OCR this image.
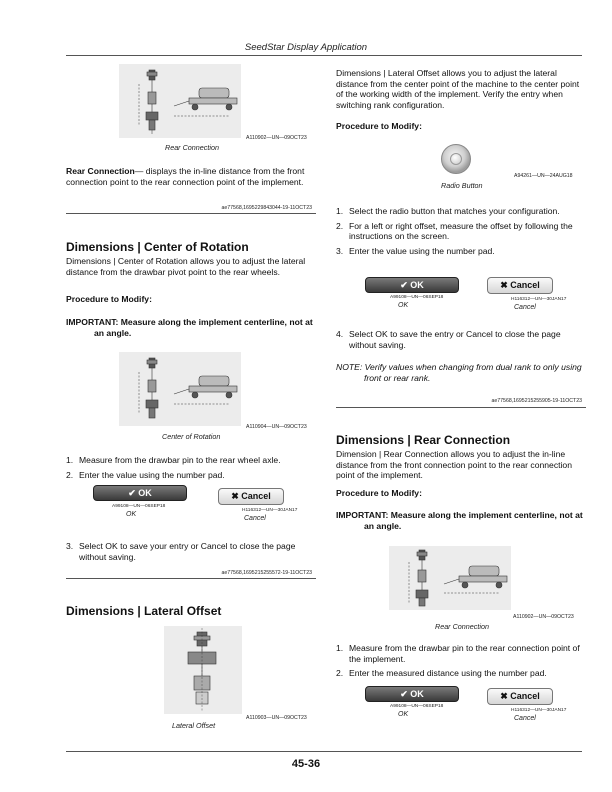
SeedStar Display Application
A110902—UN—09OCT23
Rear Connection
Rear Connection— displays the in-line distance from the front connection point to the rear connection point of the implement.
ae77568,1695229843044-19-11OCT23
Dimensions | Center of Rotation
Dimensions | Center of Rotation allows you to adjust the lateral distance from the drawbar pivot point to the rear wheels.
Procedure to Modify:
IMPORTANT: Measure along the implement centerline, not at an angle.
A110904—UN—09OCT23
Center of Rotation
1. Measure from the drawbar pin to the rear wheel axle.
2. Enter the value using the number pad.
✔ OK
A99108—UN—06SEP18
OK
✖ Cancel
H116312—UN—30JAN17
Cancel
3. Select OK to save your entry or Cancel to close the page without saving.
ae77568,1695215255572-19-11OCT23
Dimensions | Lateral Offset
A110903—UN—09OCT23
Lateral Offset
Dimensions | Lateral Offset allows you to adjust the lateral distance from the center point of the machine to the center point of the working width of the implement. Verify the entry when switching rank configuration.
Procedure to Modify:
A94261—UN—24AUG18
Radio Button
1. Select the radio button that matches your configuration.
2. For a left or right offset, measure the offset by following the instructions on the screen.
3. Enter the value using the number pad.
✔ OK
A99108—UN—06SEP18
OK
✖ Cancel
H116312—UN—30JAN17
Cancel
4. Select OK to save the entry or Cancel to close the page without saving.
NOTE: Verify values when changing from dual rank to only using front or rear rank.
ae77568,1695215255905-19-11OCT23
Dimensions | Rear Connection
Dimension | Rear Connection allows you to adjust the in-line distance from the front connection point to the rear connection point of the implement.
Procedure to Modify:
IMPORTANT: Measure along the implement centerline, not at an angle.
A110902—UN—09OCT23
Rear Connection
1. Measure from the drawbar pin to the rear connection point of the implement.
2. Enter the measured distance using the number pad.
✔ OK
A99108—UN—06SEP18
OK
✖ Cancel
H116312—UN—30JAN17
Cancel
45-36
